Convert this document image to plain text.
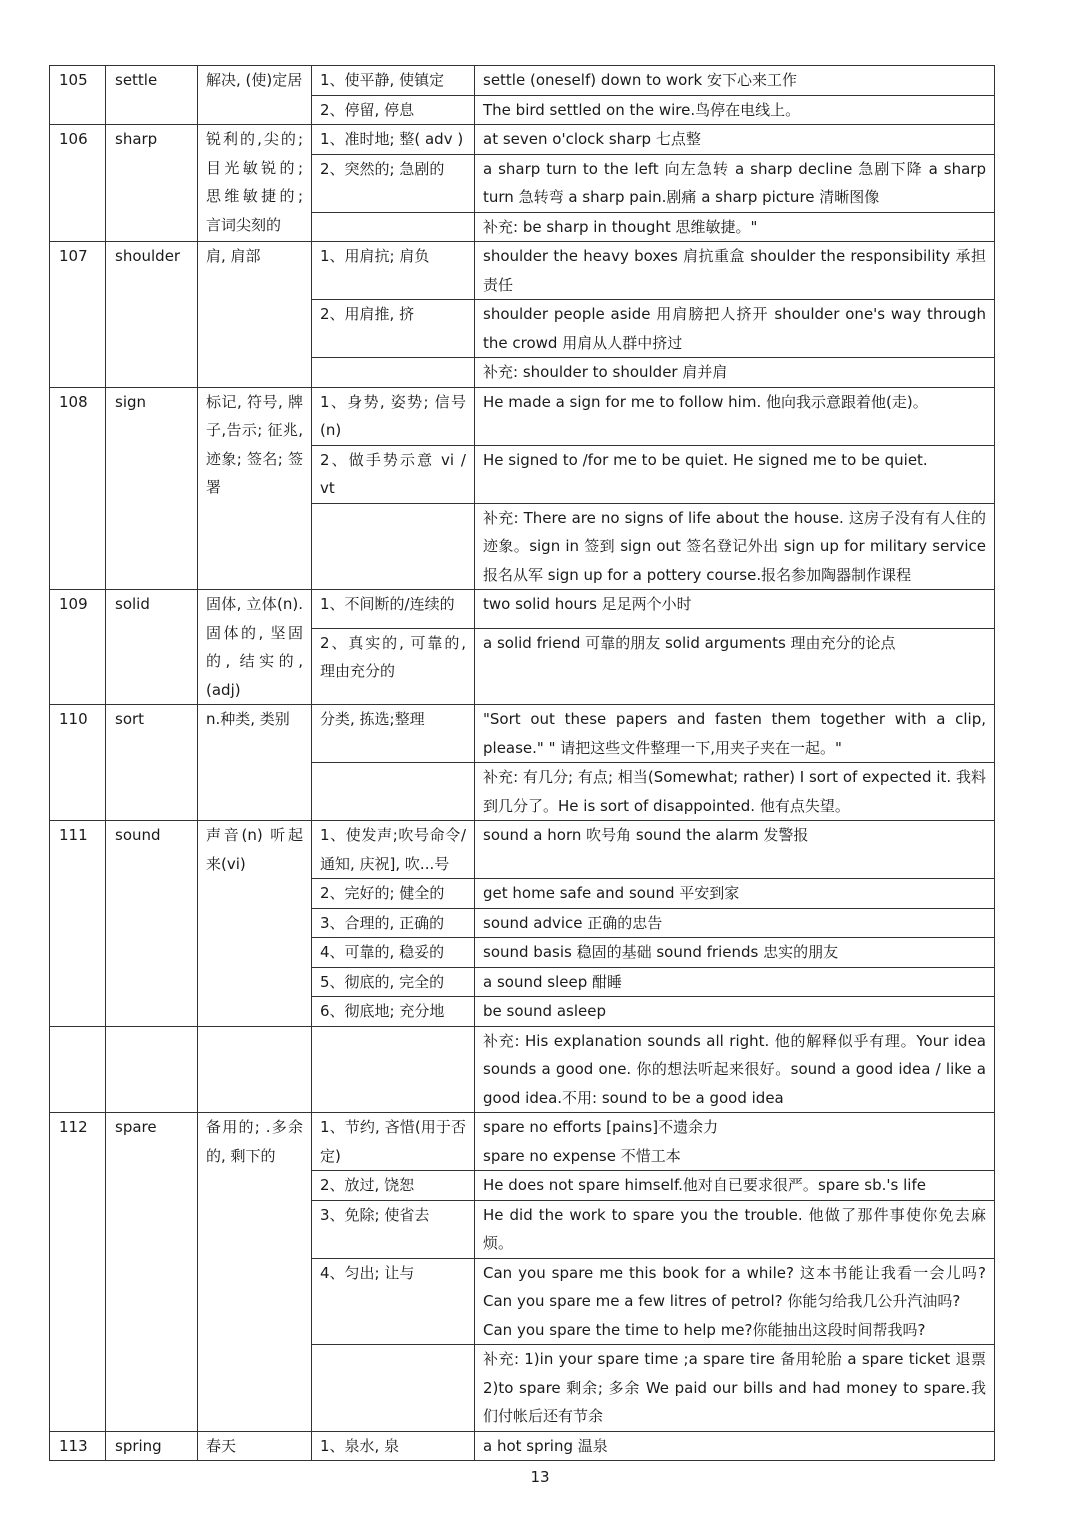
105	settle	解决, (使)定居	1、使平静, 使镇定	settle (oneself) down to work 安下心来工作
			2、停留, 停息	The bird settled on the wire.鸟停在电线上。
106	sharp	锐利的,尖的; 目光敏锐的; 思维敏捷的; 言词尖刻的	1、准时地; 整( adv )	at seven o'clock sharp 七点整
			2、突然的; 急剧的	a sharp turn to the left 向左急转 a sharp decline 急剧下降 a sharp turn 急转弯 a sharp pain.剧痛 a sharp picture 清晰图像
				补充: be sharp in thought 思维敏捷。"
107	shoulder	肩, 肩部	1、用肩抗; 肩负	shoulder the heavy boxes 肩抗重盒 shoulder the responsibility 承担责任
			2、用肩推, 挤	shoulder people aside 用肩膀把人挤开 shoulder one's way through the crowd 用肩从人群中挤过
				补充: shoulder to shoulder 肩并肩
108	sign	标记, 符号, 牌子,告示; 征兆, 迹象; 签名; 签署	1、身势, 姿势; 信号(n)	He made a sign for me to follow him. 他向我示意跟着他(走)。
			2、做手势示意 vi / vt	He signed to /for me to be quiet. He signed me to be quiet.
				补充: There are no signs of life about the house. 这房子没有有人住的迹象。sign in 签到 sign out 签名登记外出 sign up for military service 报名从军 sign up for a pottery course.报名参加陶器制作课程
109	solid	固体, 立体(n). 固体的, 坚固的, 结实的, (adj)	1、不间断的/连续的	two solid hours 足足两个小时
			2、真实的, 可靠的, 理由充分的	a solid friend 可靠的朋友 solid arguments 理由充分的论点
110	sort	n.种类, 类别	分类, 拣选;整理	"Sort out these papers and fasten them together with a clip, please." " 请把这些文件整理一下,用夹子夹在一起。"
				补充: 有几分; 有点; 相当(Somewhat; rather) I sort of expected it. 我料到几分了。He is sort of disappointed. 他有点失望。
111	sound	声音(n) 听起来(vi)	1、使发声;吹号命令/通知, 庆祝], 吹...号	sound a horn 吹号角 sound the alarm 发警报
			2、完好的; 健全的	get home safe and sound 平安到家
			3、合理的, 正确的	sound advice 正确的忠告
			4、可靠的, 稳妥的	sound basis 稳固的基础 sound friends 忠实的朋友
			5、彻底的, 完全的	a sound sleep 酣睡
			6、彻底地; 充分地	be sound asleep
				补充: His explanation sounds all right. 他的解释似乎有理。Your idea sounds a good one. 你的想法听起来很好。sound a good idea / like a good idea.不用: sound to be a good idea
112	spare	备用的; .多余的, 剩下的	1、节约, 吝惜(用于否定)	spare no efforts [pains]不遗余力
spare no expense 不惜工本
			2、放过, 饶恕	He does not spare himself.他对自已要求很严。spare sb.'s life
			3、免除; 使省去	He did the work to spare you the trouble. 他做了那件事使你免去麻烦。
			4、匀出; 让与	Can you spare me this book for a while? 这本书能让我看一会儿吗?Can you spare me a few litres of petrol? 你能匀给我几公升汽油吗?
Can you spare the time to help me?你能抽出这段时间帮我吗?
				补充: 1)in your spare time ;a spare tire 备用轮胎 a spare ticket 退票 2)to spare 剩余; 多余 We paid our bills and had money to spare.我们付帐后还有节余
113	spring	春天	1、泉水, 泉	a hot spring 温泉
13
